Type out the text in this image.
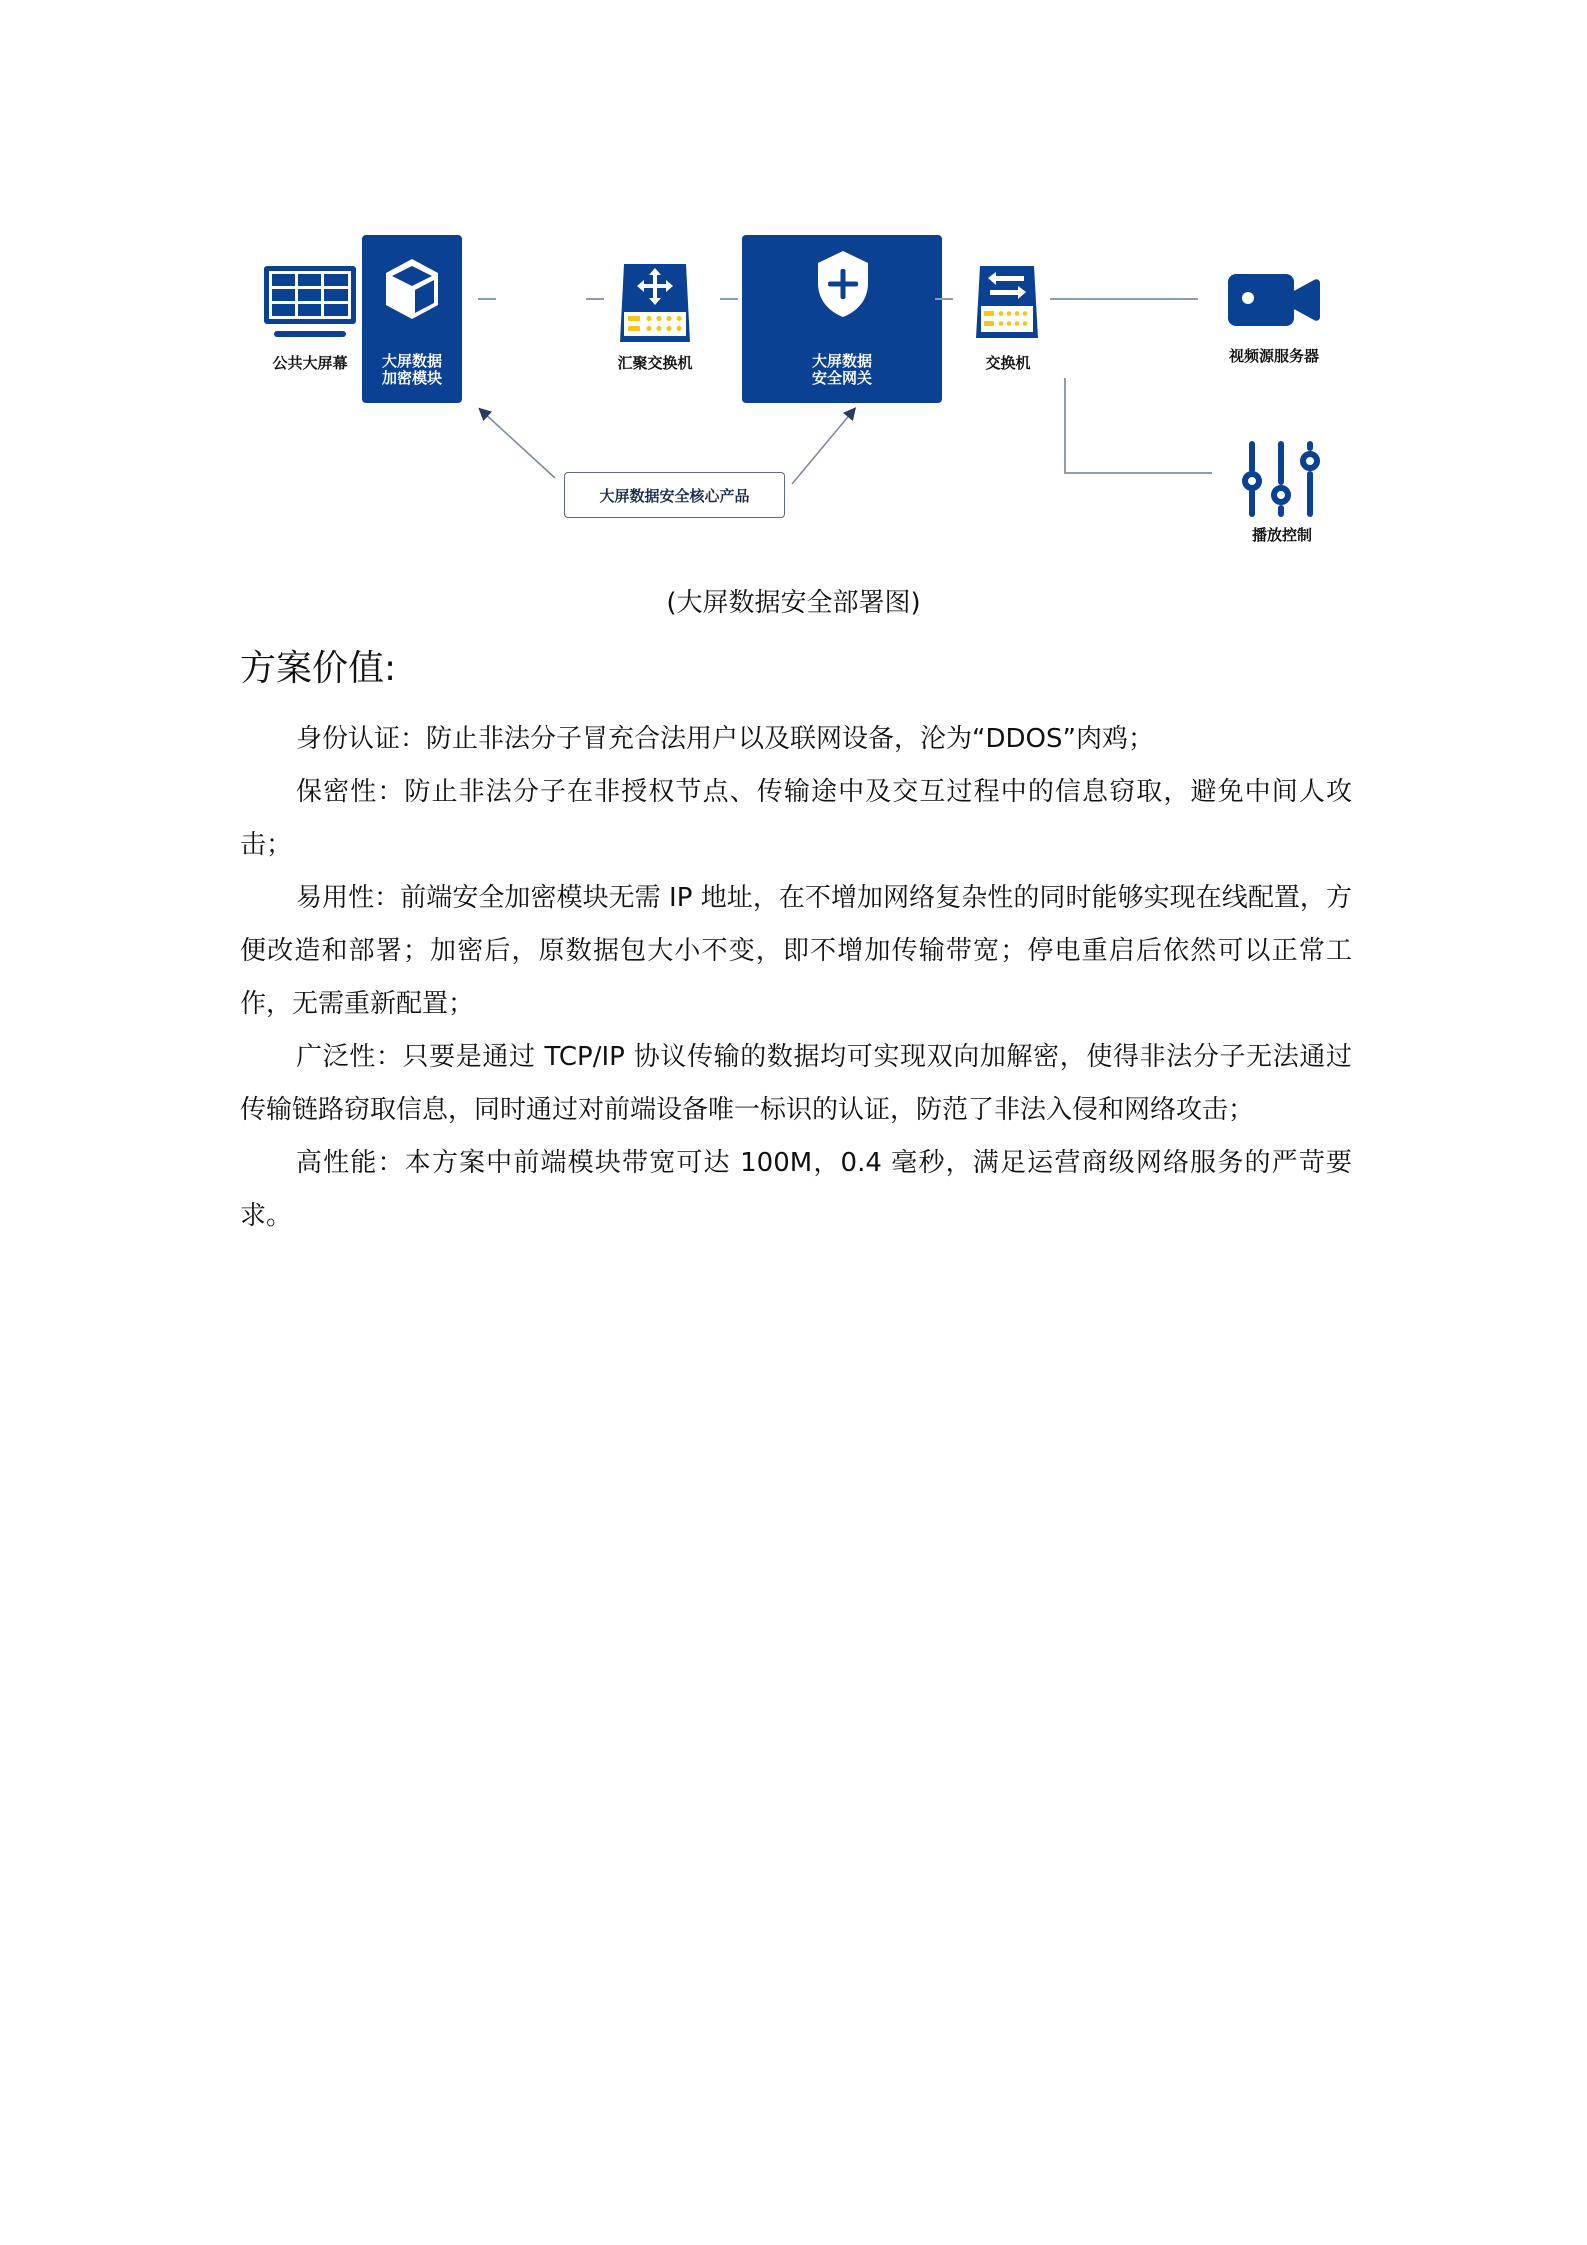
公共大屏幕	大屏数据
加密模块
汇聚交换机	大屏数据
安全网关
交换机	视频源服务器
播放控制
大屏数据安全核心产品
(大屏数据安全部署图)
方案价值:

身份认证：防止非法分子冒充合法用户以及联网设备，沦为“DDOS”肉鸡；

保密性：防止非法分子在非授权节点、传输途中及交互过程中的信息窃取，避免中间人攻击；

易用性：前端安全加密模块无需 IP 地址，在不增加网络复杂性的同时能够实现在线配置，方便改造和部署；加密后，原数据包大小不变，即不增加传输带宽；停电重启后依然可以正常工作，无需重新配置；

广泛性：只要是通过 TCP/IP 协议传输的数据均可实现双向加解密，使得非法分子无法通过传输链路窃取信息，同时通过对前端设备唯一标识的认证，防范了非法入侵和网络攻击；

高性能：本方案中前端模块带宽可达 100M，0.4 毫秒，满足运营商级网络服务的严苛要求。
